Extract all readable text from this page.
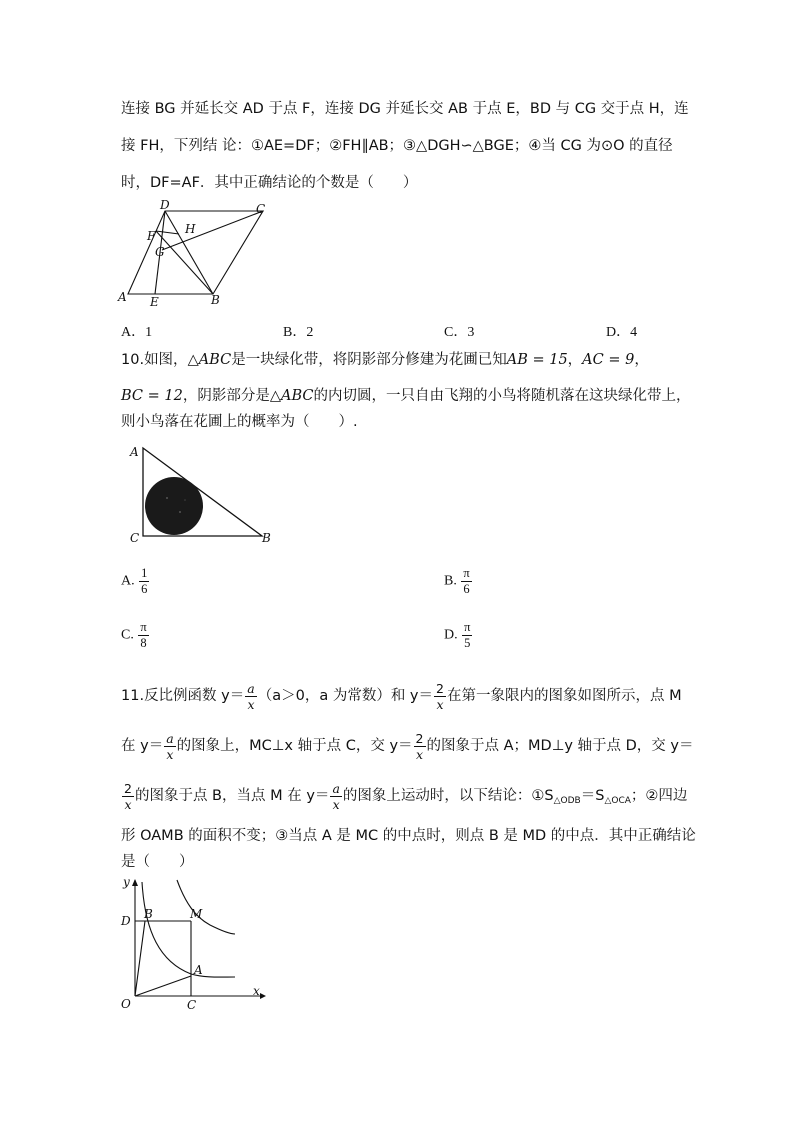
连接 BG 并延长交 AD 于点 F，连接 DG 并延长交 AB 于点 E，BD 与 CG 交于点 H，连
接 FH，下列结 论：①AE=DF；②FH∥AB；③△DGH∽△BGE；④当 CG 为⊙O 的直径
时，DF=AF．其中正确结论的个数是（　　）
D	C
F H
G
A E	B
A．1	B．2	C．3	D．4
10.如图，△ABC是一块绿化带，将阴影部分修建为花圃已知AB = 15，AC = 9，
BC = 12，阴影部分是△ABC的内切圆，一只自由飞翔的小鸟将随机落在这块绿化带上，
则小鸟落在花圃上的概率为（　　）.
A
C	B
A. $\frac{1}{6}$	B. $\frac{\pi}{6}$
C. $\frac{\pi}{8}$	D. $\frac{\pi}{5}$
11.反比例函数 $y= \frac{a}{x} (a>0$，a 为常数）和 $y= \frac{2}{x}$ 在第一象限内的图象如图所示，点 M
在 $y= \frac{a}{x}$ 的图象上，MC⊥x 轴于点 C，交 $y= \frac{2}{x}$ 的图象于点 A；MD⊥y 轴于点 D，交 y＝
$\frac{2}{x}$ 的图象于点 B，当点 M 在 $y= \frac{a}{x}$ 的图象上运动时，以下结论：$①S_{\triangle ODB}=S_{\triangle OCA}$；②四边
形 OAMB 的面积不变；③当点 A 是 MC 的中点时，则点 B 是 MD 的中点．其中正确结论
是（　　）
y
x
O
D B	M
A
C
